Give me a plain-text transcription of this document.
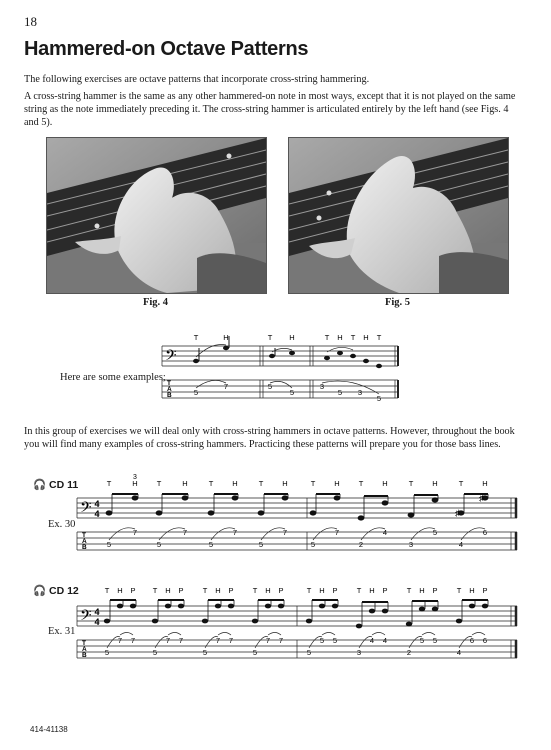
18
Hammered-on Octave Patterns

The following exercises are octave patterns that incorporate cross-string hammering.

A cross-string hammer is the same as any other hammered-on note in most ways, except that it is not played on the same string as the note immediately preceding it. The cross-string hammer is articulated entirely by the left hand (see Figs. 4 and 5).

Fig. 4	Fig. 5
Here are some examples;
T	H	T H	T H T H T
𝄢
T
A
B	5
7	5
5
3
5 3
5

In this group of exercises we will deal only with cross-string hammers in octave patterns. However, throughout the book you will find many examples of cross-string hammers. Practicing these patterns will prepare you for those bass lines.

🎧 CD 11
Ex. 30
3
T	H	T	H	T	H	T	H	T	H	T	H	T	H	T	H
𝄢 4
4	♯
♯
T
A
B	5
7
5
7
5
7
5
7
5
7
2
4
3
5
4
6
🎧 CD 12
Ex. 31
T H P T H P	T H P	T H P	T H P	T H P	T H P	T H P
𝄢 4
4
T
A
B 5
7 7
5
7 7
5
7 7
5
7 7
5
5 5
3
4 4
2
5 5
4
6 6
414-41138
